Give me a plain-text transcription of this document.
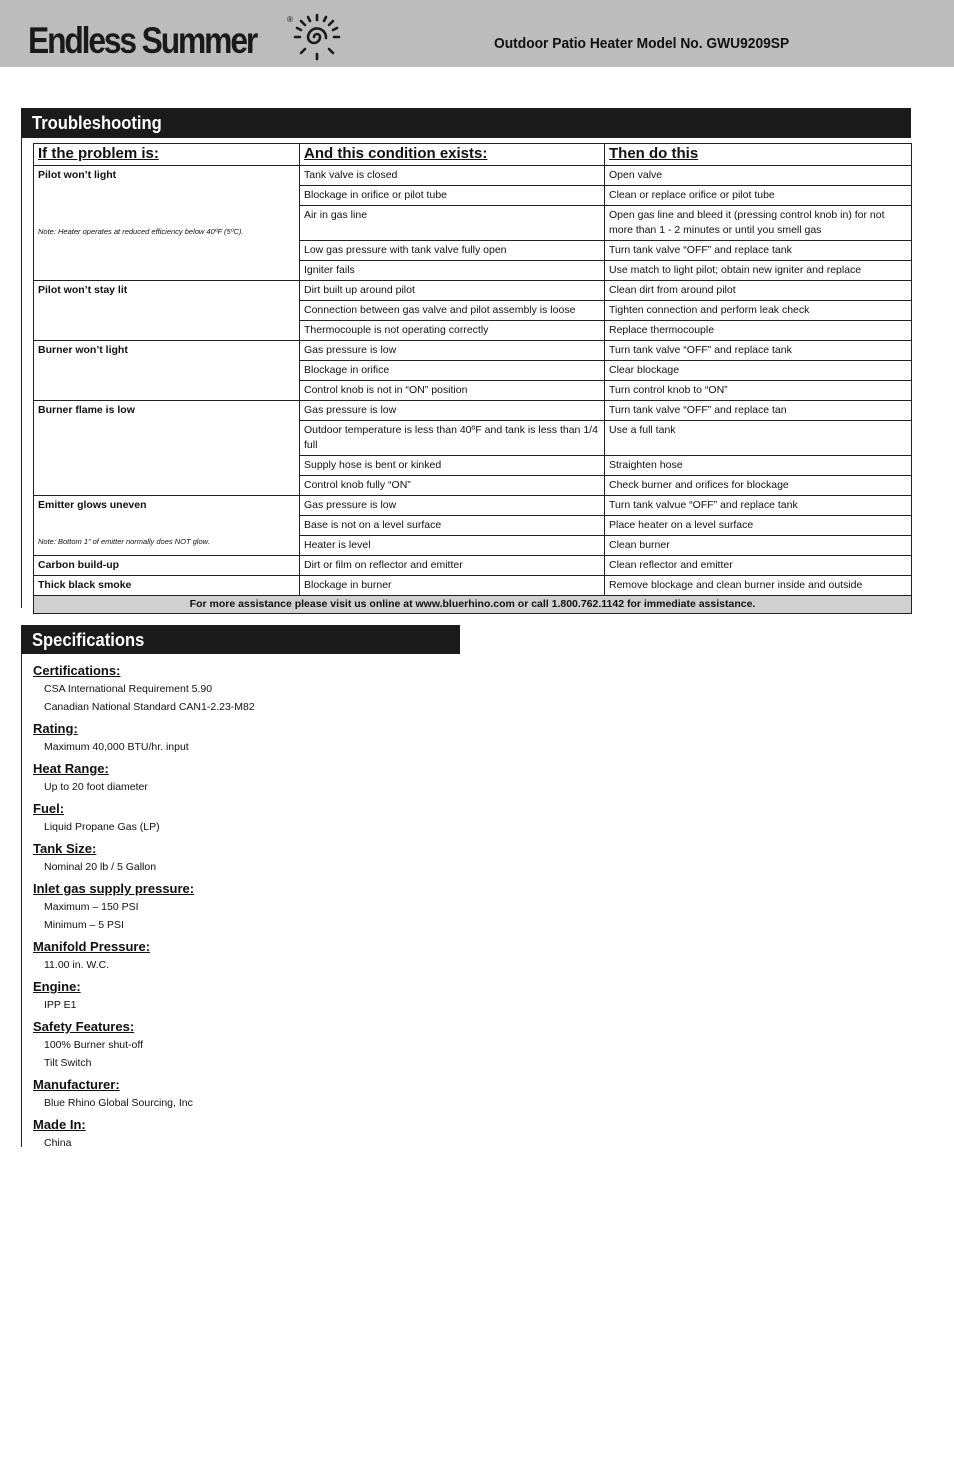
Endless Summer
®
Outdoor Patio Heater Model No. GWU9209SP
Troubleshooting
If the problem is:	And this condition exists:	Then do this
Pilot won’t light
Note: Heater operates at reduced efficiency below 40ºF (5ºC).	Tank valve is closed	Open valve
	Blockage in orifice or pilot tube	Clean or replace orifice or pilot tube
	Air in gas line	Open gas line and bleed it (pressing control knob in) for not more than 1 - 2 minutes or until you smell gas
	Low gas pressure with tank valve fully open	Turn tank valve “OFF” and replace tank
	Igniter fails	Use match to light pilot; obtain new igniter and replace
Pilot won’t stay lit	Dirt built up around pilot	Clean dirt from around pilot
	Connection between gas valve and pilot assembly is loose	Tighten connection and perform leak check
	Thermocouple is not operating correctly	Replace thermocouple
Burner won’t light	Gas pressure is low	Turn tank valve “OFF” and replace tank
	Blockage in orifice	Clear blockage
	Control knob is not in “ON” position	Turn control knob to “ON”
Burner flame is low	Gas pressure is low	Turn tank valve “OFF” and replace tan
	Outdoor temperature is less than 40ºF and tank is less than 1/4 full	Use a full tank
	Supply hose is bent or kinked	Straighten hose
	Control knob fully “ON”	Check burner and orifices for blockage
Emitter glows uneven
Note: Bottom 1” of emitter normally does NOT glow.	Gas pressure is low	Turn tank valvue “OFF” and replace tank
	Base is not on a level surface	Place heater on a level surface
	Heater is level	Clean burner
Carbon build-up	Dirt or film on reflector and emitter	Clean reflector and emitter
Thick black smoke	Blockage in burner	Remove blockage and clean burner inside and outside
For more assistance please visit us online at www.bluerhino.com or call 1.800.762.1142 for immediate assistance.		
Specifications
Certifications:
CSA International Requirement 5.90
Canadian National Standard CAN1-2.23-M82
Rating:
Maximum 40,000 BTU/hr. input
Heat Range:
Up to 20 foot diameter
Fuel:
Liquid Propane Gas (LP)
Tank Size:
Nominal 20 lb / 5 Gallon
Inlet gas supply pressure:
Maximum – 150 PSI
Minimum – 5 PSI
Manifold Pressure:
11.00 in. W.C.
Engine:
IPP E1
Safety Features:
100% Burner shut-off
Tilt Switch
Manufacturer:
Blue Rhino Global Sourcing, Inc
Made In:
China
